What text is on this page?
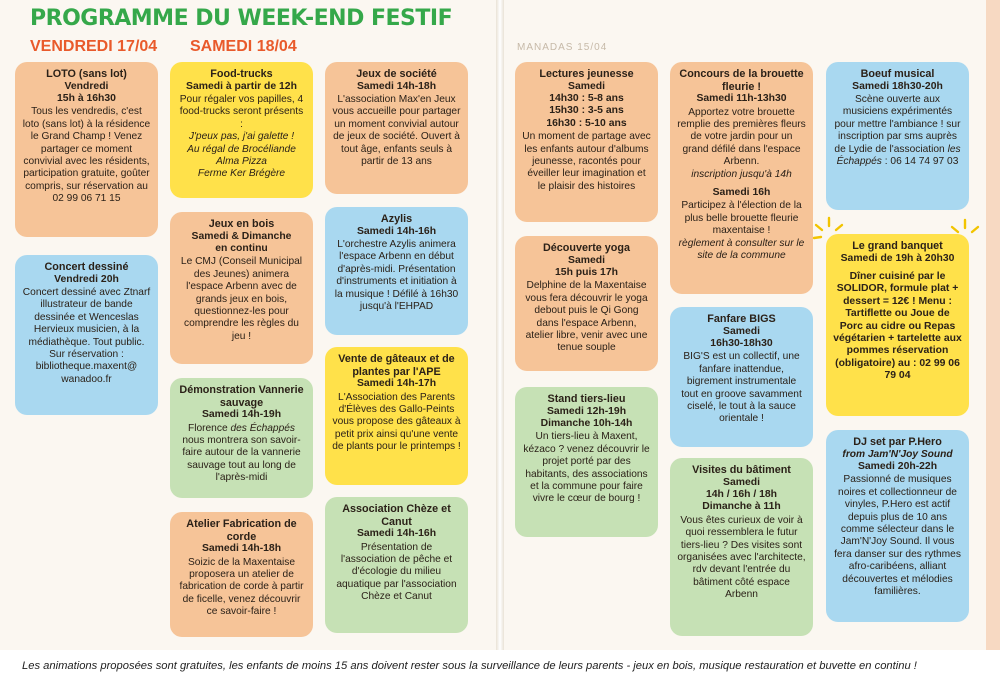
PROGRAMME DU WEEK-END FESTIF
VENDREDI 17/04 SAMEDI 18/04	MANADAS 15/04
LOTO (sans lot)
Vendredi
15h à 16h30
Tous les vendredis, c'est loto (sans lot) à la résidence le Grand Champ ! Venez partager ce moment convivial avec les résidents, participation gratuite, goûter compris, sur réservation au 02 99 06 71 15
Concert dessiné
Vendredi 20h
Concert dessiné avec Ztnarf illustrateur de bande dessinée et Wenceslas Hervieux musicien, à la médiathèque. Tout public. Sur réservation : bibliotheque.maxent@ wanadoo.fr
Food-trucks
Samedi à partir de 12h
Pour régaler vos papilles, 4 food-trucks seront présents :
J'peux pas, j'ai galette !
Au régal de Brocéliande
Alma Pizza
Ferme Ker Brégère
Jeux en bois
Samedi & Dimanche
en continu
Le CMJ (Conseil Municipal des Jeunes) animera l'espace Arbenn avec de grands jeux en bois, questionnez-les pour comprendre les règles du jeu !
Démonstration Vannerie sauvage
Samedi 14h-19h
Florence des Échappés nous montrera son savoir-faire autour de la vannerie sauvage tout au long de l'après-midi
Atelier Fabrication de corde
Samedi 14h-18h
Soizic de la Maxentaise proposera un atelier de fabrication de corde à partir de ficelle, venez découvrir ce savoir-faire !
Jeux de société
Samedi 14h-18h
L'association Max'en Jeux vous accueille pour partager un moment convivial autour de jeux de société. Ouvert à tout âge, enfants seuls à partir de 13 ans
Azylis
Samedi 14h-16h
L'orchestre Azylis animera l'espace Arbenn en début d'après-midi. Présentation d'instruments et initiation à la musique ! Défilé à 16h30 jusqu'à l'EHPAD
Vente de gâteaux et de plantes par l'APE
Samedi 14h-17h
L'Association des Parents d'Élèves des Gallo-Peints vous propose des gâteaux à petit prix ainsi qu'une vente de plants pour le printemps !
Association Chèze et Canut
Samedi 14h-16h
Présentation de l'association de pêche et d'écologie du milieu aquatique par l'association Chèze et Canut
Lectures jeunesse
Samedi
14h30 : 5-8 ans
15h30 : 3-5 ans
16h30 : 5-10 ans
Un moment de partage avec les enfants autour d'albums jeunesse, racontés pour éveiller leur imagination et le plaisir des histoires
Découverte yoga
Samedi
15h puis 17h
Delphine de la Maxentaise vous fera découvrir le yoga debout puis le Qi Gong dans l'espace Arbenn, atelier libre, venir avec une tenue souple
Stand tiers-lieu
Samedi 12h-19h
Dimanche 10h-14h
Un tiers-lieu à Maxent, kézaco ? venez découvrir le projet porté par des habitants, des associations et la commune pour faire vivre le cœur de bourg !
Concours de la brouette fleurie !
Samedi 11h-13h30
Apportez votre brouette remplie des premières fleurs de votre jardin pour un grand défilé dans l'espace Arbenn.
inscription jusqu'à 14h
Samedi 16h
Participez à l'élection de la plus belle brouette fleurie maxentaise !
règlement à consulter sur le site de la commune
Fanfare BIGS
Samedi
16h30-18h30
BIG'S est un collectif, une fanfare inattendue, bigrement instrumentale tout en groove savamment ciselé, le tout à la sauce orientale !
Visites du bâtiment
Samedi
14h / 16h / 18h
Dimanche à 11h
Vous êtes curieux de voir à quoi ressemblera le futur tiers-lieu ? Des visites sont organisées avec l'architecte, rdv devant l'entrée du bâtiment côté espace Arbenn
Boeuf musical
Samedi 18h30-20h
Scène ouverte aux musiciens expérimentés pour mettre l'ambiance ! sur inscription par sms auprès de Lydie de l'association les Échappés : 06 14 74 97 03
Le grand banquet
Samedi de 19h à 20h30
Dîner cuisiné par le SOLIDOR, formule plat + dessert = 12€ ! Menu : Tartiflette ou Joue de Porc au cidre ou Repas végétarien + tartelette aux pommes réservation (obligatoire) au : 02 99 06 79 04
DJ set par P.Hero
from Jam'N'Joy Sound
Samedi 20h-22h
Passionné de musiques noires et collectionneur de vinyles, P.Hero est actif depuis plus de 10 ans comme sélecteur dans le Jam'N'Joy Sound. Il vous fera danser sur des rythmes afro-caribéens, alliant découvertes et mélodies familières.

Les animations proposées sont gratuites, les enfants de moins 15 ans doivent rester sous la surveillance de leurs parents - jeux en bois, musique restauration et buvette en continu !
